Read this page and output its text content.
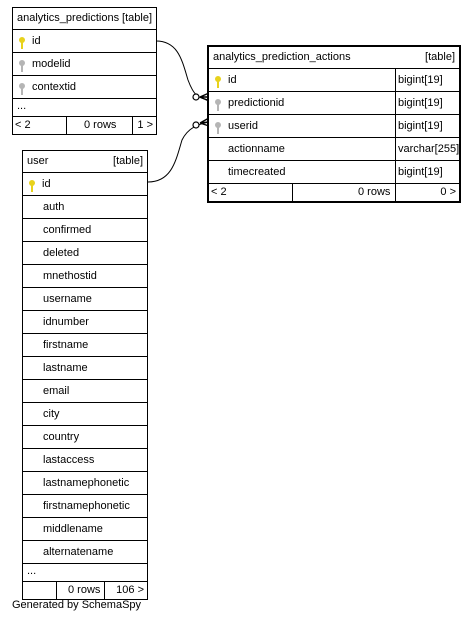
analytics_predictions [table]
id
modelid
contextid
...
< 2	0 rows 1 >
analytics_prediction_actions	[table]
id	bigint[19]
predictionid	bigint[19]
userid	bigint[19]
actionname	varchar[255]
timecreated	bigint[19]
< 2	0 rows	0 >
user	[table]
id
auth
confirmed
deleted
mnethostid
username
idnumber
firstname
lastname
email
city
country
lastaccess
lastnamephonetic
firstnamephonetic
middlename
alternatename
...
0 rows 106 >
Generated by SchemaSpy
